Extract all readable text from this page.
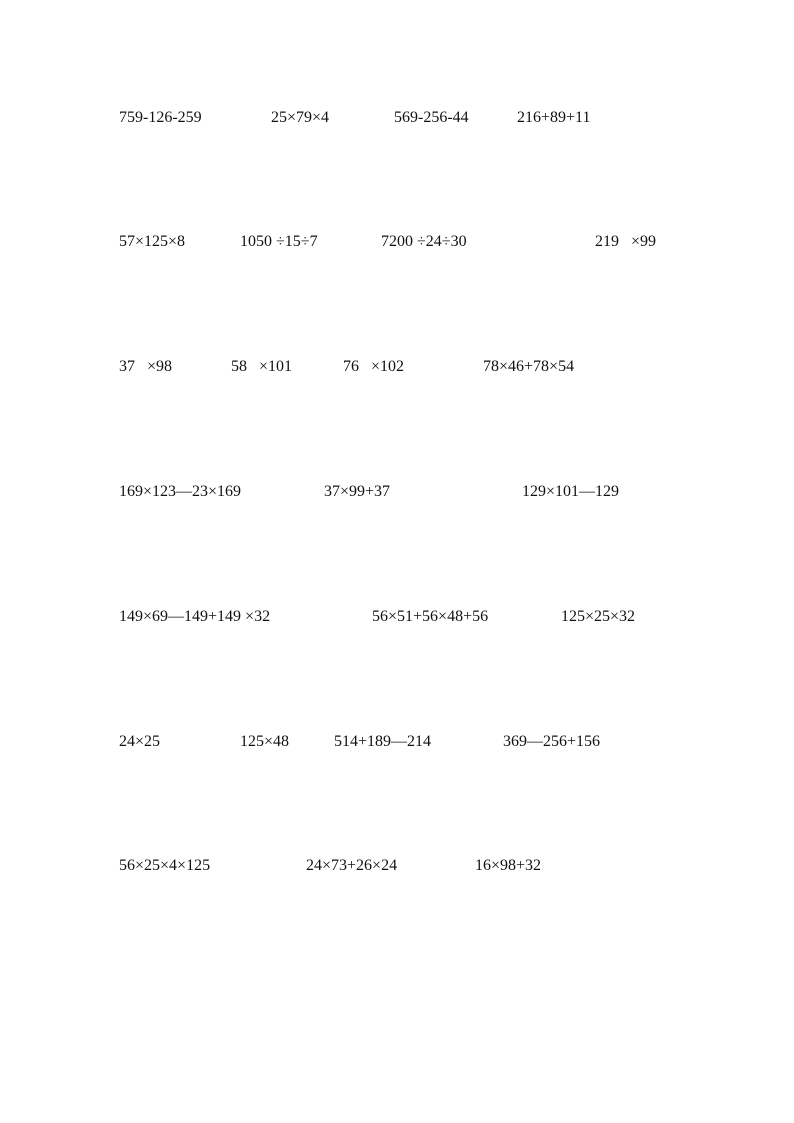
759-126-259	25×79×4	569-256-44	216+89+11
57×125×8	1050 ÷15÷7	7200 ÷24÷30	219   ×99
37   ×98	58   ×101	76   ×102	78×46+78×54
169×123—23×169	37×99+37	129×101—129
149×69—149+149 ×32	56×51+56×48+56	125×25×32
24×25	125×48	514+189—214	369—256+156
56×25×4×125	24×73+26×24	16×98+32
